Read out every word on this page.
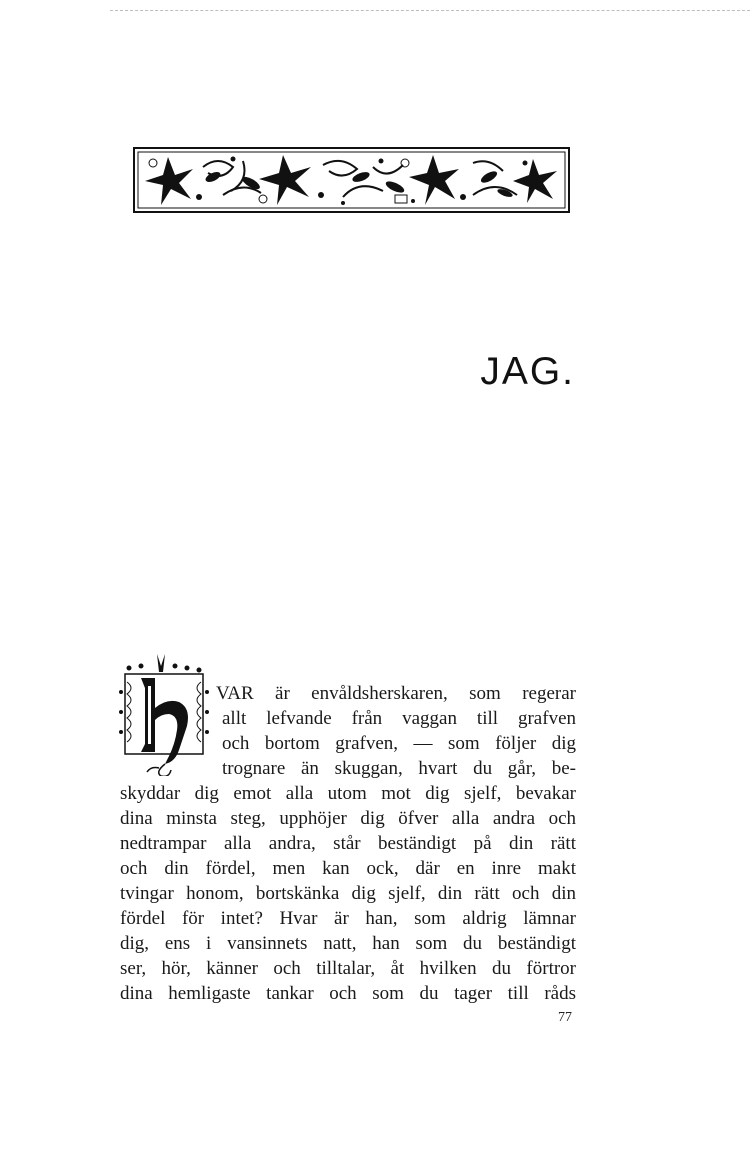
JAG.
VAR är envåldsherskaren, som regerar
allt lefvande från vaggan till grafven
och bortom grafven, — som följer dig
trognare än skuggan, hvart du går, be-
skyddar dig emot alla utom mot dig sjelf, bevakar
dina minsta steg, upphöjer dig öfver alla andra och
nedtrampar alla andra, står beständigt på din rätt
och din fördel, men kan ock, där en inre makt
tvingar honom, bortskänka dig sjelf, din rätt och din
fördel för intet? Hvar är han, som aldrig lämnar
dig, ens i vansinnets natt, han som du beständigt
ser, hör, känner och tilltalar, åt hvilken du förtror
dina hemligaste tankar och som du tager till råds
77
